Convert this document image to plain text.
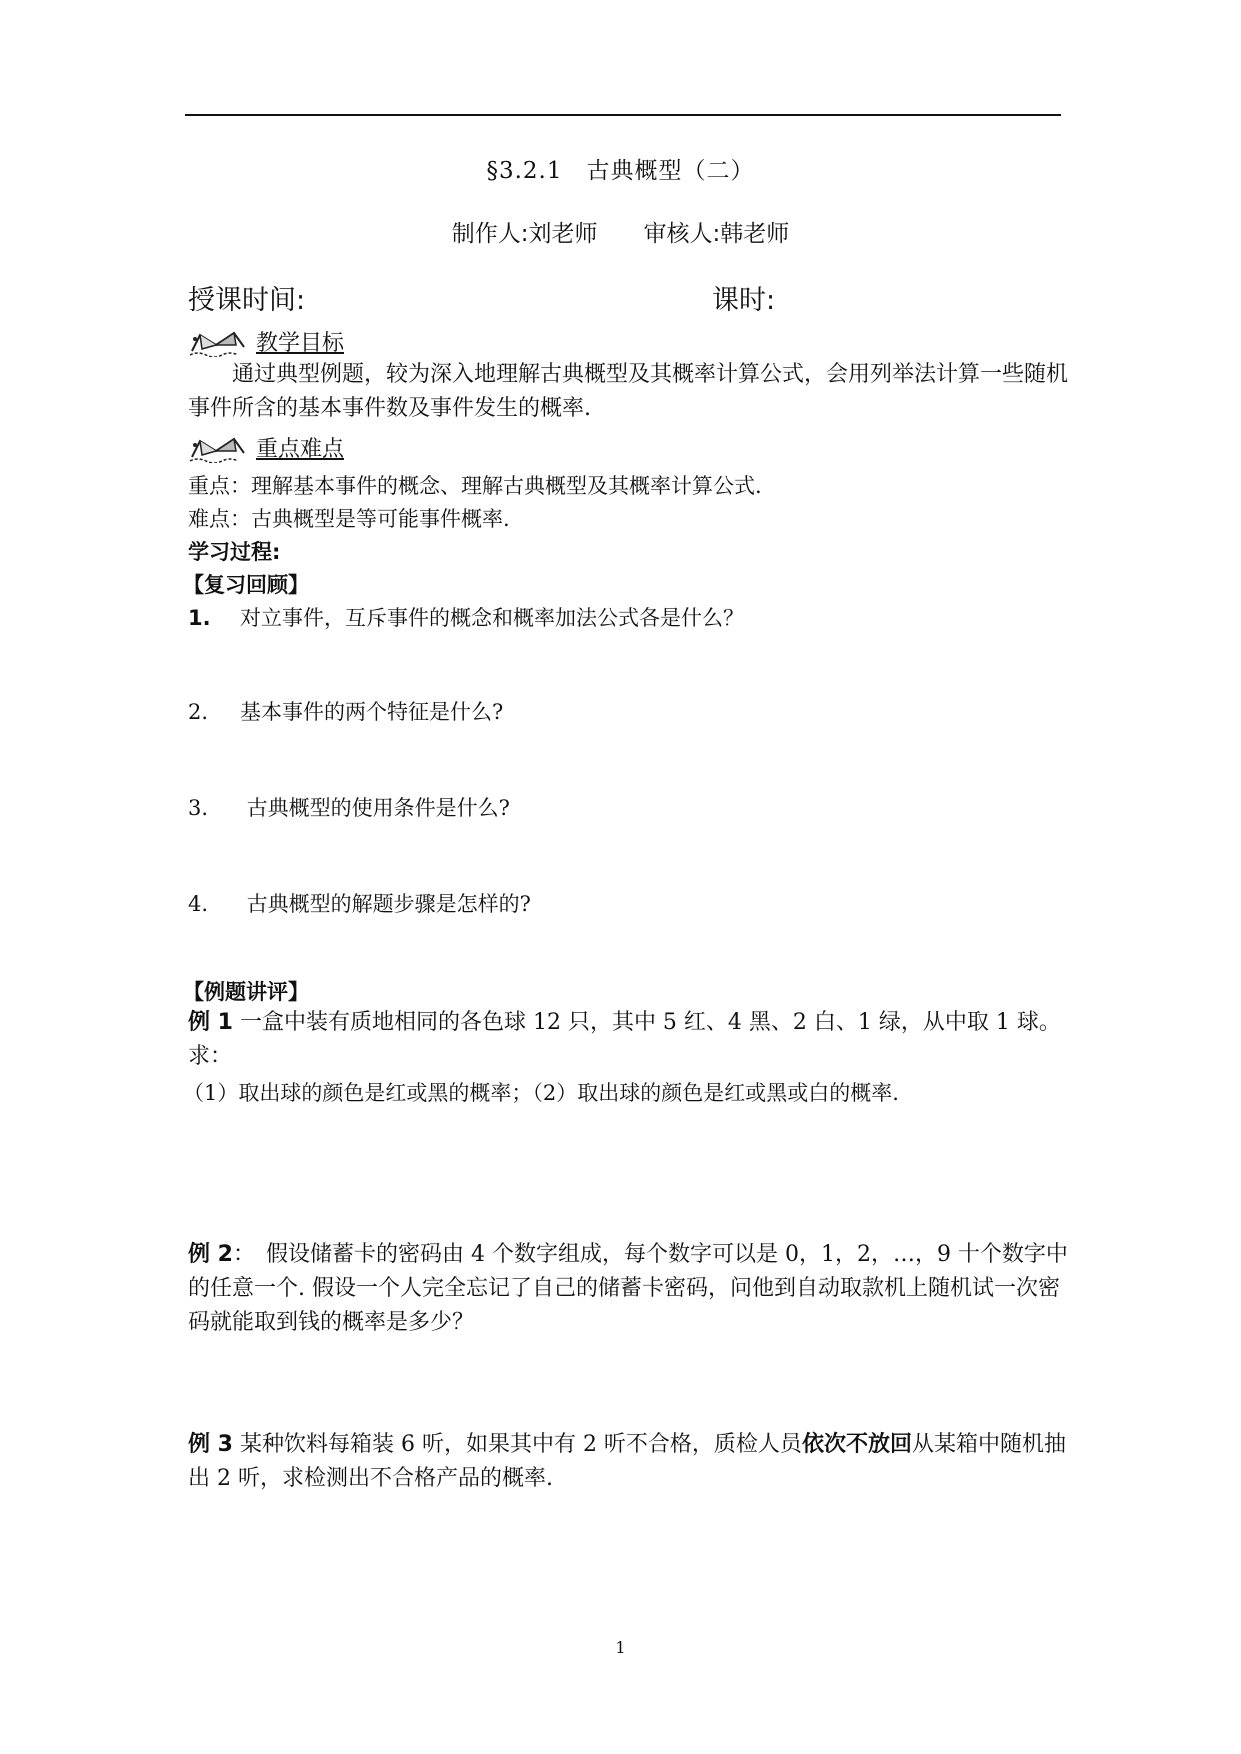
§3.2.1　古典概型（二）
制作人:刘老师 审核人:韩老师
授课时间:	课时:
教学目标
　　通过典型例题，较为深入地理解古典概型及其概率计算公式，会用列举法计算一些随机事件所含的基本事件数及事件发生的概率.
重点难点
重点：理解基本事件的概念、理解古典概型及其概率计算公式.
难点：古典概型是等可能事件概率.
学习过程:
【复习回顾】
1. 对立事件，互斥事件的概念和概率加法公式各是什么？
2. 基本事件的两个特征是什么?
3. 古典概型的使用条件是什么?
4. 古典概型的解题步骤是怎样的?
【例题讲评】
例 1 一盒中装有质地相同的各色球 12 只，其中 5 红、4 黑、2 白、1 绿，从中取 1 球。求：
（1）取出球的颜色是红或黑的概率；（2）取出球的颜色是红或黑或白的概率.
例 2：　假设储蓄卡的密码由 4 个数字组成，每个数字可以是 0，1，2，…，9 十个数字中的任意一个. 假设一个人完全忘记了自己的储蓄卡密码，问他到自动取款机上随机试一次密码就能取到钱的概率是多少？
例 3 某种饮料每箱装 6 听，如果其中有 2 听不合格，质检人员依次不放回从某箱中随机抽出 2 听，求检测出不合格产品的概率.
1
